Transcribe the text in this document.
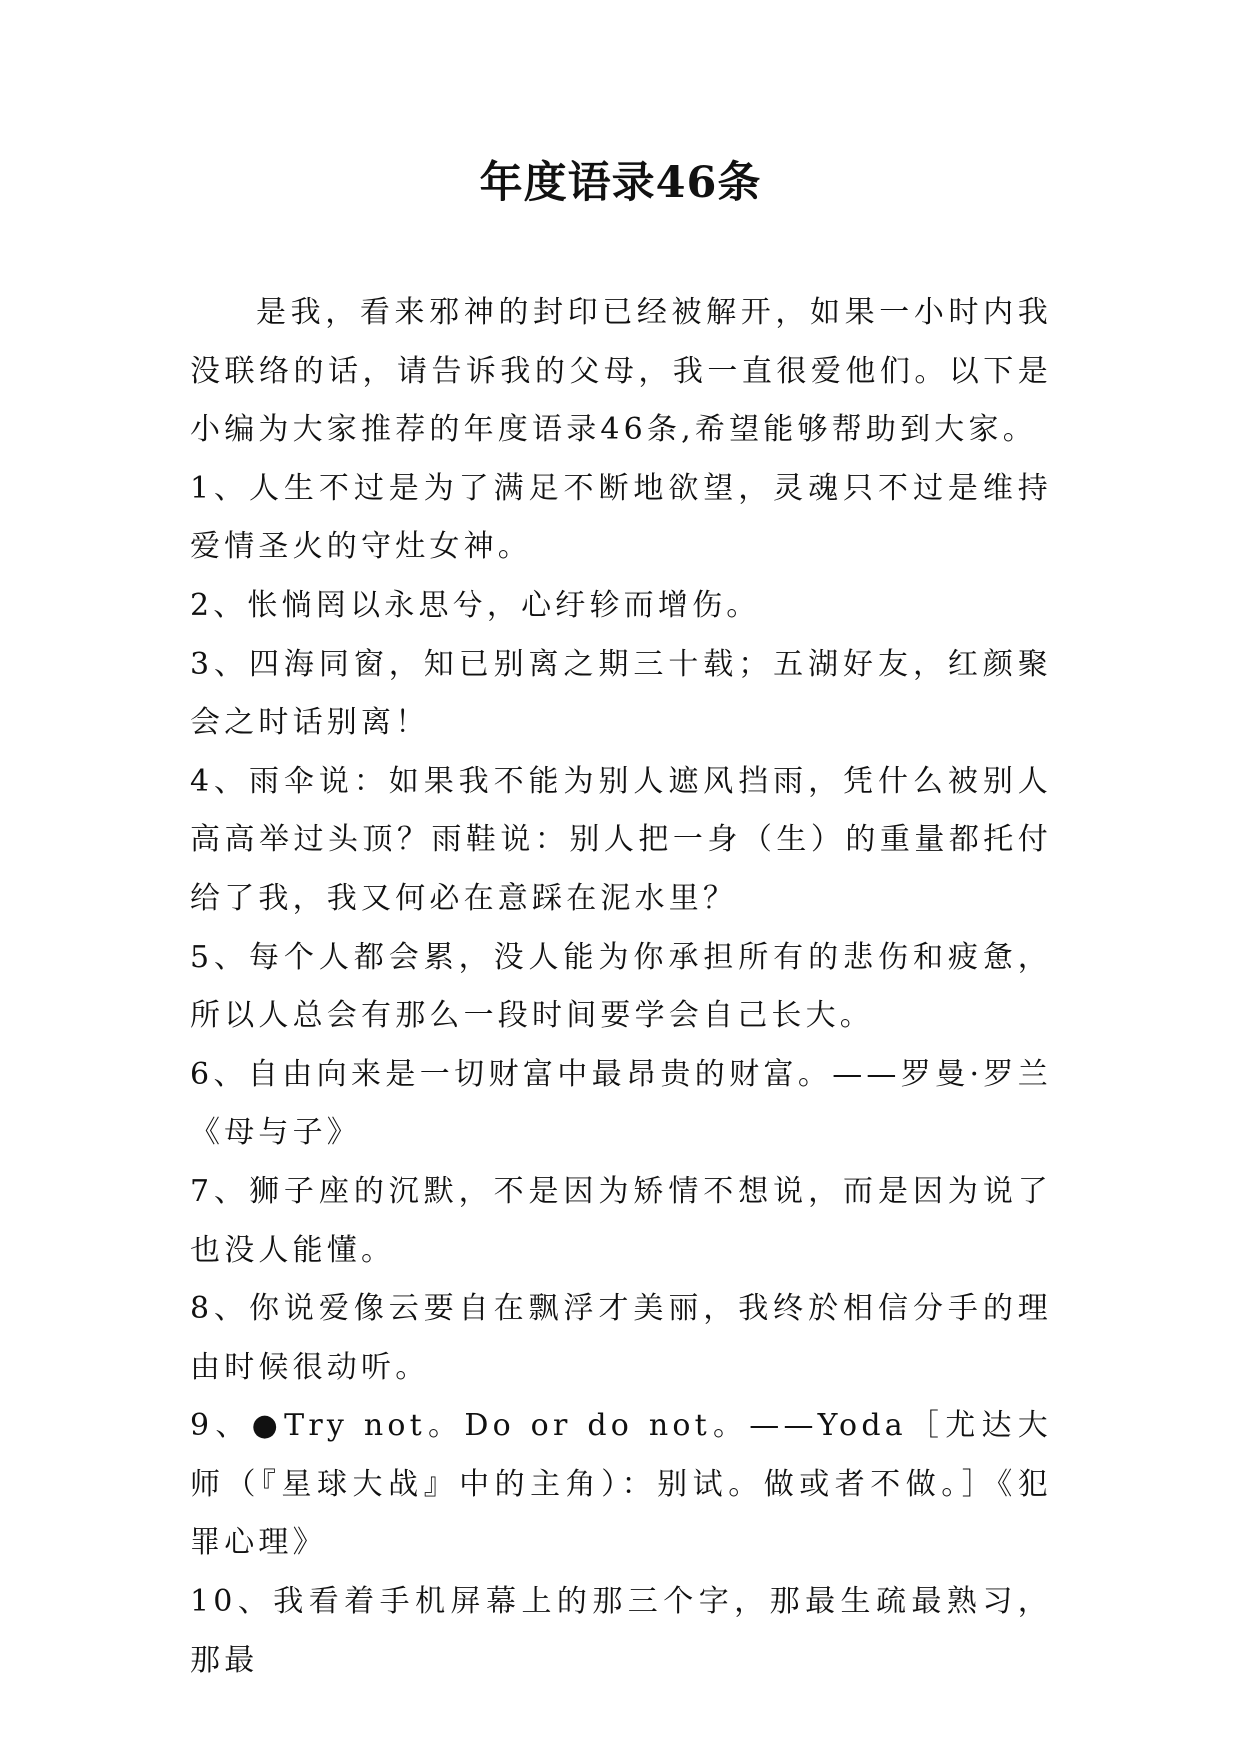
年度语录46条

是我，看来邪神的封印已经被解开，如果一小时内我没联络的话，请告诉我的父母，我一直很爱他们。以下是小编为大家推荐的年度语录46条,希望能够帮助到大家。

1、人生不过是为了满足不断地欲望，灵魂只不过是维持爱情圣火的守灶女神。

2、怅惝罔以永思兮，心纡轸而增伤。

3、四海同窗，知已别离之期三十载；五湖好友，红颜聚会之时话别离！

4、雨伞说：如果我不能为别人遮风挡雨，凭什么被别人高高举过头顶？雨鞋说：别人把一身（生）的重量都托付给了我，我又何必在意踩在泥水里？

5、每个人都会累，没人能为你承担所有的悲伤和疲惫，所以人总会有那么一段时间要学会自己长大。

6、自由向来是一切财富中最昂贵的财富。——罗曼·罗兰《母与子》

7、狮子座的沉默，不是因为矫情不想说，而是因为说了也没人能懂。

8、你说爱像云要自在飘浮才美丽，我终於相信分手的理由时候很动听。

9、●Try not。Do or do not。——Yoda［尤达大师（『星球大战』中的主角）：别试。做或者不做。］《犯罪心理》

10、我看着手机屏幕上的那三个字，那最生疏最熟习，那最
